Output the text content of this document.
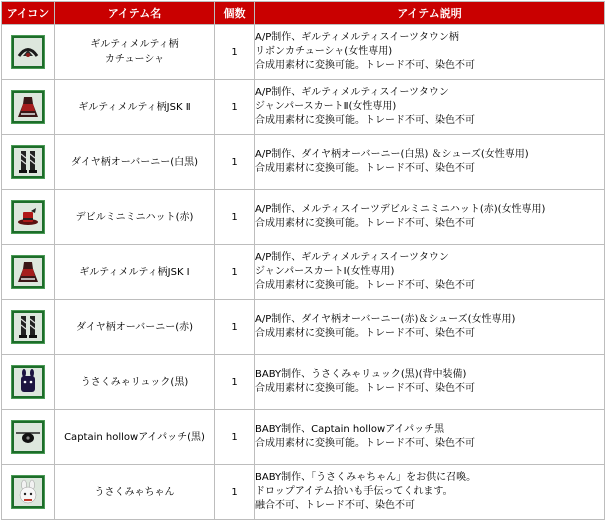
アイコン	アイテム名	個数	アイテム説明

ギルティメルティ柄
カチューシャ	1	A/P制作、ギルティメルティスイーツタウン柄
リボンカチューシャ(女性専用)
合成用素材に変換可能。トレード不可、染色不可

ギルティメルティ柄JSK Ⅱ	1	A/P制作、ギルティメルティスイーツタウン
ジャンパースカートⅡ(女性専用)
合成用素材に変換可能。トレード不可、染色不可

ダイヤ柄オーバーニー(白黒)	1	A/P制作、ダイヤ柄オーバーニー(白黒) ＆シューズ(女性専用)
合成用素材に変換可能。トレード不可、染色不可

デビルミニミニハット(赤)	1	A/P制作、メルティスイーツデビルミニミニハット(赤)(女性専用)
合成用素材に変換可能。トレード不可、染色不可

ギルティメルティ柄JSK Ⅰ	1	A/P制作、ギルティメルティスイーツタウン
ジャンパースカートⅠ(女性専用)
合成用素材に変換可能。トレード不可、染色不可

ダイヤ柄オーバーニー(赤)	1	A/P制作、ダイヤ柄オーバーニー(赤)＆シューズ(女性専用)
合成用素材に変換可能。トレード不可、染色不可

うさくみゃリュック(黒)	1	BABY制作、うさくみゃリュック(黒)(背中装備)
合成用素材に変換可能。トレード不可、染色不可

Captain hollowアイパッチ(黒)	1	BABY制作、Captain hollowアイパッチ黒
合成用素材に変換可能。トレード不可、染色不可

うさくみゃちゃん	1	BABY制作、「うさくみゃちゃん」をお供に召喚。
ドロップアイテム拾いも手伝ってくれます。
融合不可、トレード不可、染色不可
